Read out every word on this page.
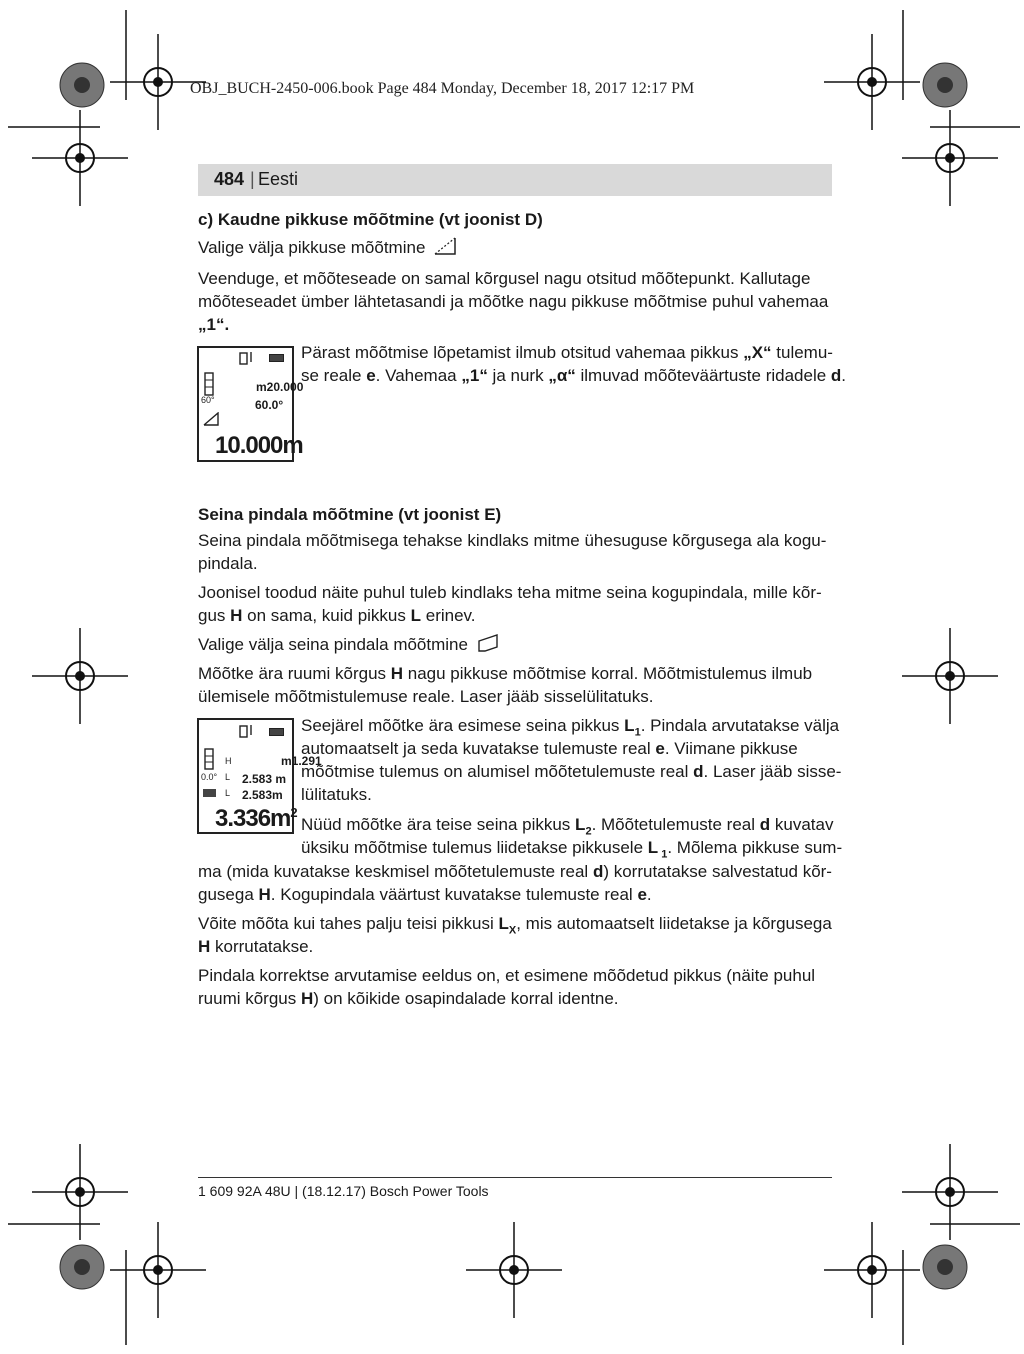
OBJ_BUCH-2450-006.book Page 484 Monday, December 18, 2017 12:17 PM
484 | Eesti
c) Kaudne pikkuse mõõtmine (vt joonist D)
Valige välja pikkuse mõõtmine
Veenduge, et mõõteseade on samal kõrgusel nagu otsitud mõõtepunkt. Kallutage
mõõteseadet ümber lähtetasandi ja mõõtke nagu pikkuse mõõtmise puhul vahemaa
„1“.
60°
m20.000
60.0°
10.000m
Pärast mõõtmise lõpetamist ilmub otsitud vahemaa pikkus „X“ tulemu-
se reale e. Vahemaa „1“ ja nurk „α“ ilmuvad mõõteväärtuste ridadele d.
Seina pindala mõõtmine (vt joonist E)
Seina pindala mõõtmisega tehakse kindlaks mitme ühesuguse kõrgusega ala kogu-
pindala.
Joonisel toodud näite puhul tuleb kindlaks teha mitme seina kogupindala, mille kõr-
gus H on sama, kuid pikkus L erinev.
Valige välja seina pindala mõõtmine
Mõõtke ära ruumi kõrgus H nagu pikkuse mõõtmise korral. Mõõtmistulemus ilmub
ülemisele mõõtmistulemuse reale. Laser jääb sisselülitatuks.
H	m1.291
0.0° L 2.583 m
L 2.583m
$3.336m^2$
Seejärel mõõtke ära esimese seina pikkus $L_1$. Pindala arvutatakse välja
automaatselt ja seda kuvatakse tulemuste real e. Viimane pikkuse
mõõtmise tulemus on alumisel mõõtetulemuste real d. Laser jääb sisse-
lülitatuks.
Nüüd mõõtke ära teise seina pikkus $L_2$. Mõõtetulemuste real d kuvatav
üksiku mõõtmise tulemus liidetakse pikkusele L $_1$. Mõlema pikkuse sum-
ma (mida kuvatakse keskmisel mõõtetulemuste real d) korrutatakse salvestatud kõr-
gusega H. Kogupindala väärtust kuvatakse tulemuste real e.
Võite mõõta kui tahes palju teisi pikkusi $L_X$, mis automaatselt liidetakse ja kõrgusega
H korrutatakse.
Pindala korrektse arvutamise eeldus on, et esimene mõõdetud pikkus (näite puhul
ruumi kõrgus H) on kõikide osapindalade korral identne.
1 609 92A 48U | (18.12.17) Bosch Power Tools
